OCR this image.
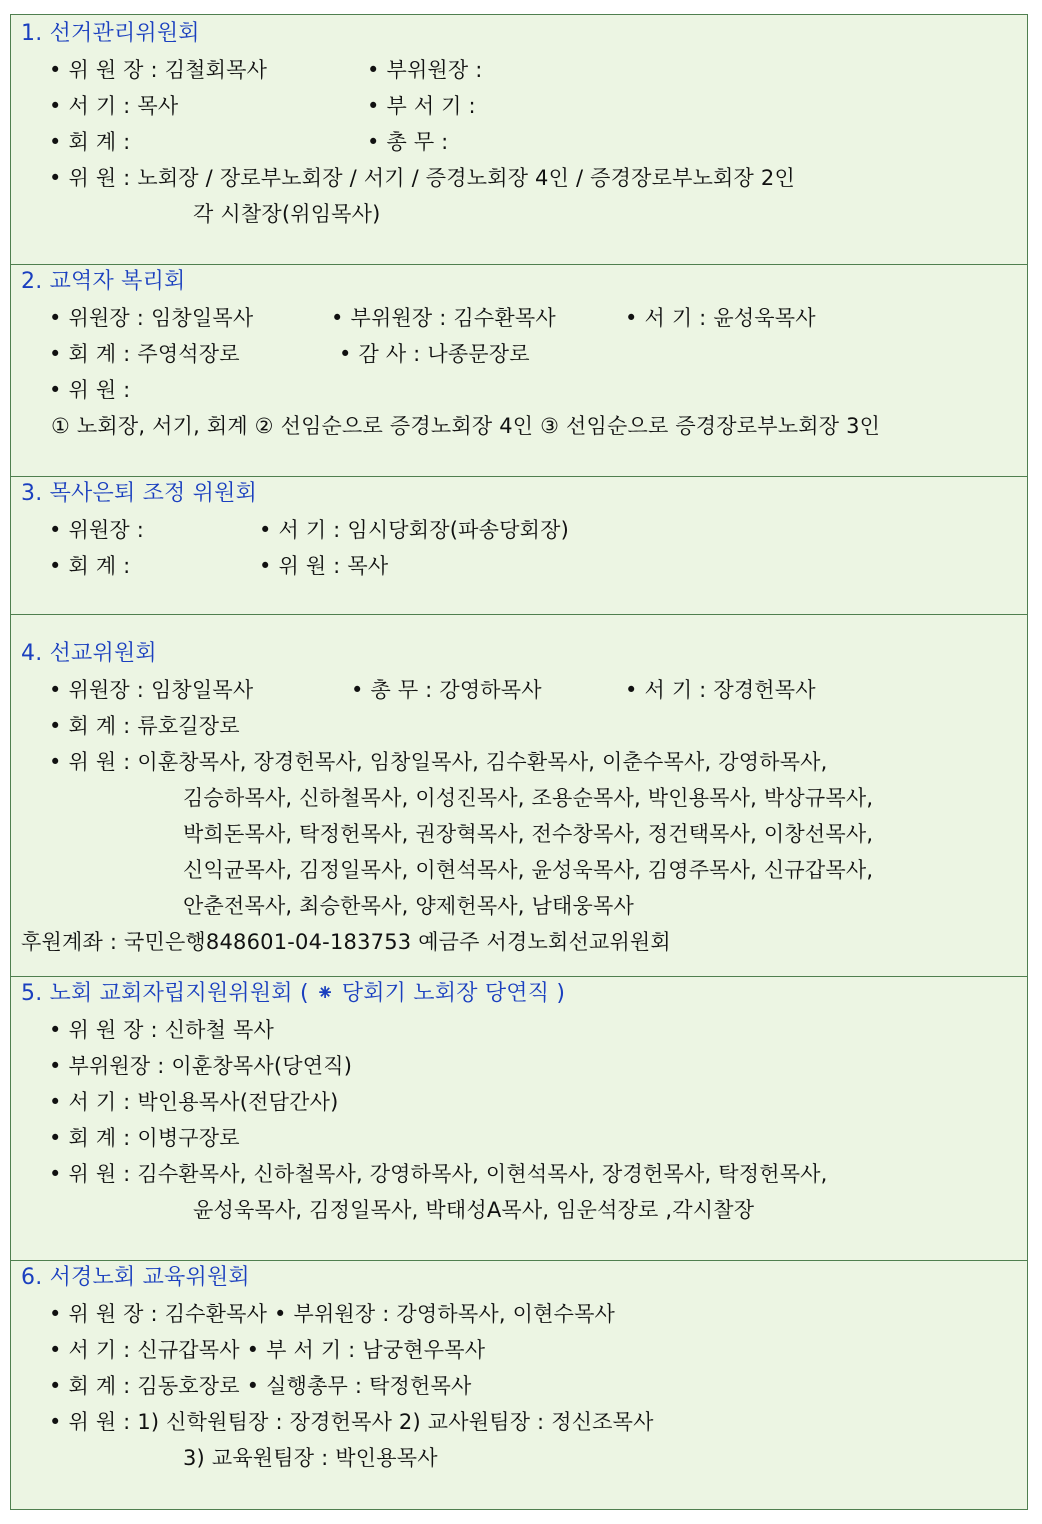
1. 선거관리위원회
• 위 원 장 : 김철회목사	• 부위원장 :
• 서 기 : 목사	• 부 서 기 :
• 회 계 :	• 총 무 :
• 위 원 : 노회장 / 장로부노회장 / 서기 / 증경노회장 4인 / 증경장로부노회장 2인
각 시찰장(위임목사)
2. 교역자 복리회
• 위원장 : 임창일목사	• 부위원장 : 김수환목사	• 서 기 : 윤성욱목사
• 회 계 : 주영석장로	• 감 사 : 나종문장로
• 위 원 :
① 노회장, 서기, 회계 ② 선임순으로 증경노회장 4인 ③ 선임순으로 증경장로부노회장 3인
3. 목사은퇴 조정 위원회
• 위원장 :	• 서 기 : 임시당회장(파송당회장)
• 회 계 :	• 위 원 : 목사
4. 선교위원회
• 위원장 : 임창일목사	• 총 무 : 강영하목사	• 서 기 : 장경헌목사
• 회 계 : 류호길장로
• 위 원 : 이훈창목사, 장경헌목사, 임창일목사, 김수환목사, 이춘수목사, 강영하목사,
김승하목사, 신하철목사, 이성진목사, 조용순목사, 박인용목사, 박상규목사,
박희돈목사, 탁정헌목사, 권장혁목사, 전수창목사, 정건택목사, 이창선목사,
신익균목사, 김정일목사, 이현석목사, 윤성욱목사, 김영주목사, 신규갑목사,
안춘전목사, 최승한목사, 양제헌목사, 남태웅목사
후원계좌 : 국민은행848601-04-183753 예금주 서경노회선교위원회
5. 노회 교회자립지원위원회 ( ⁕ 당회기 노회장 당연직 )
• 위 원 장 : 신하철 목사
• 부위원장 : 이훈창목사(당연직)
• 서 기 : 박인용목사(전담간사)
• 회 계 : 이병구장로
• 위 원 : 김수환목사, 신하철목사, 강영하목사, 이현석목사, 장경헌목사, 탁정헌목사,
윤성욱목사, 김정일목사, 박태성A목사, 임운석장로 ,각시찰장
6. 서경노회 교육위원회
• 위 원 장 : 김수환목사 • 부위원장 : 강영하목사, 이현수목사
• 서 기 : 신규갑목사 • 부 서 기 : 남궁현우목사
• 회 계 : 김동호장로 • 실행총무 : 탁정헌목사
• 위 원 : 1) 신학원팀장 : 장경헌목사 2) 교사원팀장 : 정신조목사
3) 교육원팀장 : 박인용목사
